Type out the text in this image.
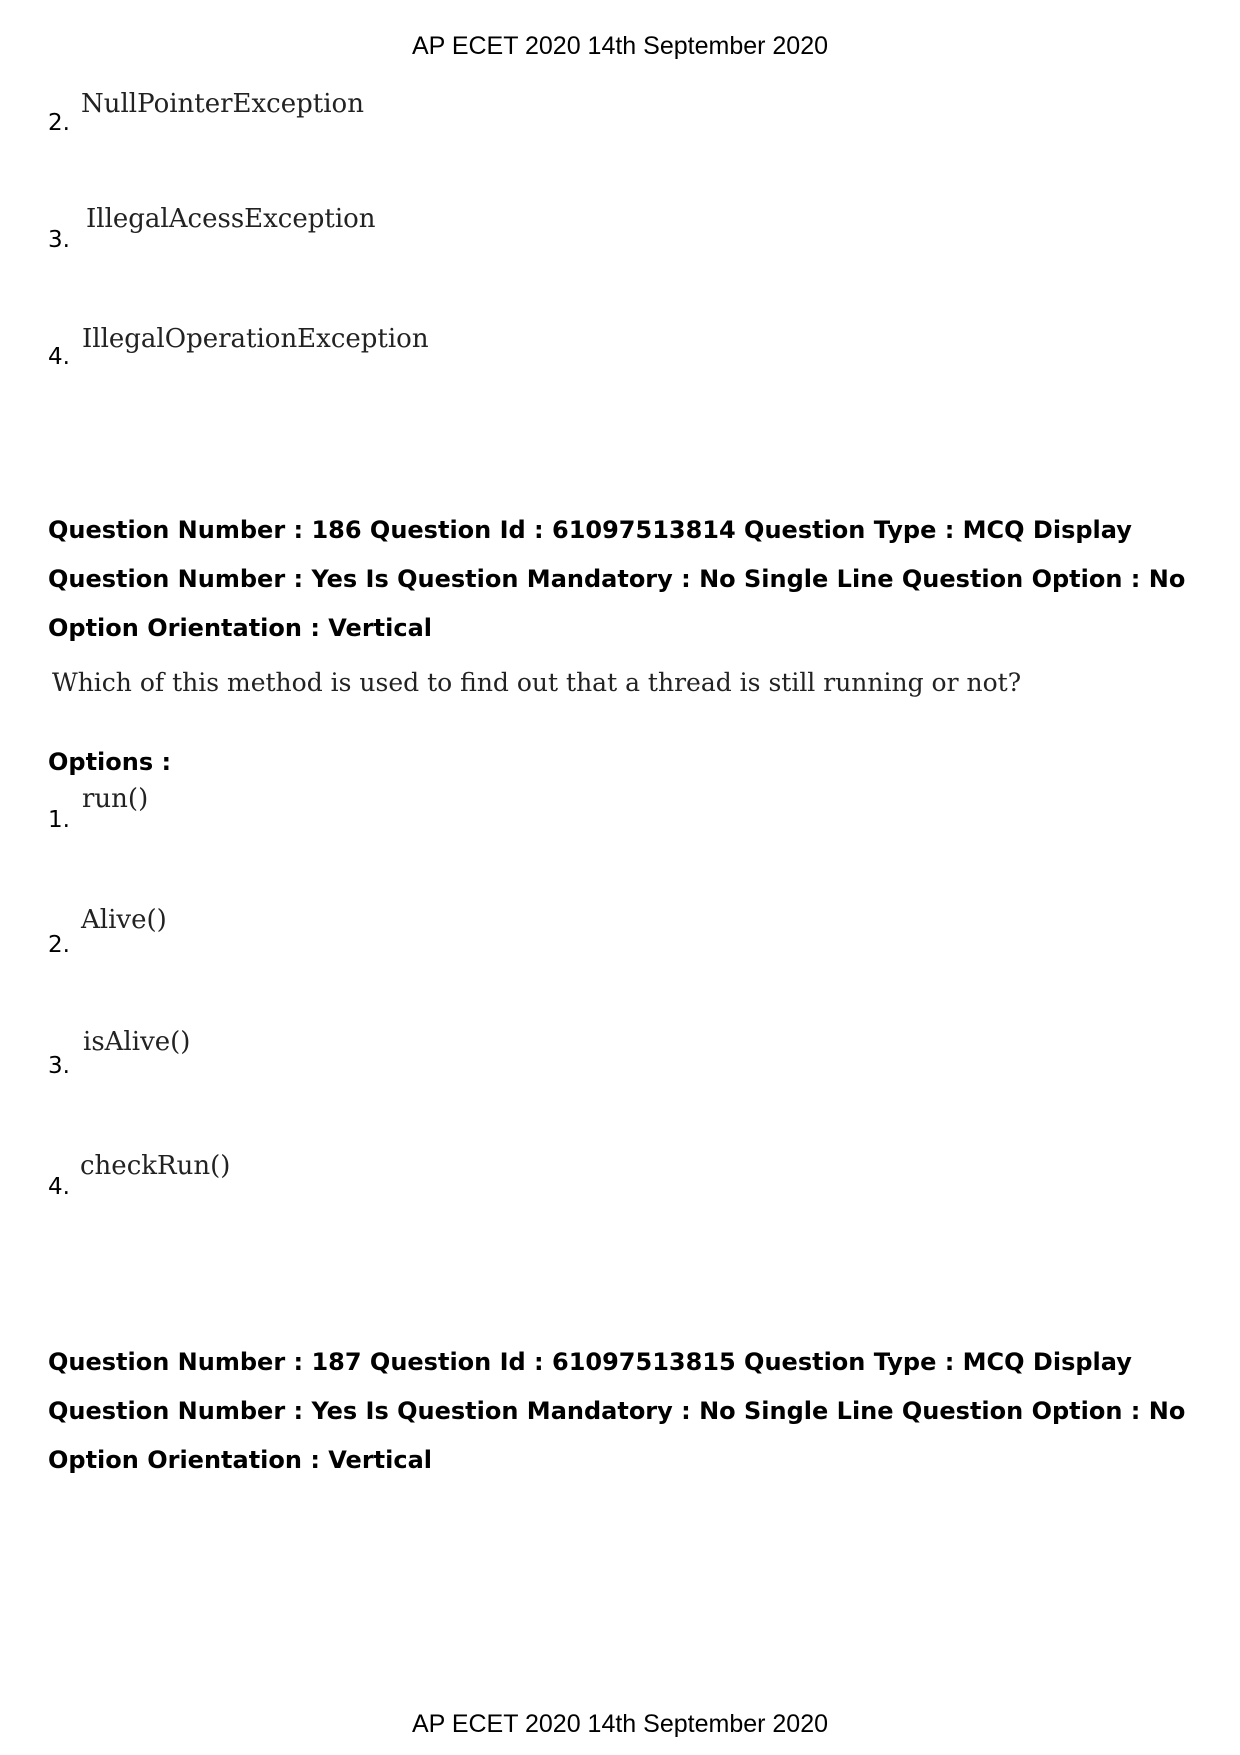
AP ECET 2020 14th September 2020
2.
NullPointerException
3.
IllegalAcessException
4.
IllegalOperationException
Question Number : 186 Question Id : 61097513814 Question Type : MCQ Display Question Number : Yes Is Question Mandatory : No Single Line Question Option : No Option Orientation : Vertical
Which of this method is used to find out that a thread is still running or not?
Options :
1.
run()
2.
Alive()
3.
isAlive()
4.
checkRun()
Question Number : 187 Question Id : 61097513815 Question Type : MCQ Display Question Number : Yes Is Question Mandatory : No Single Line Question Option : No Option Orientation : Vertical
AP ECET 2020 14th September 2020
